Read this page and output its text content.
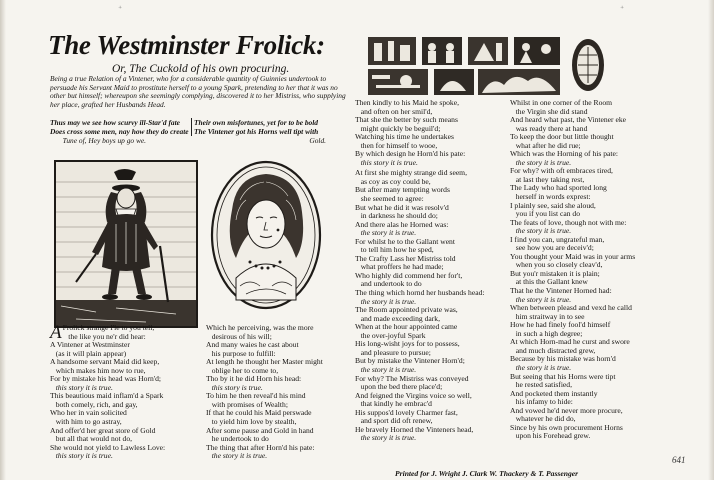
⁺	⁺
The Westminster Frolick:
Or, The Cuckold of his own procuring.
Being a true Relation of a Vintener, who for a considerable quantity of Guinnies undertook to persuade his Servant Maid to prostitute herself to a young Spark, pretending to her that it was no other but himself; whereupon she seemingly complying, discovered it to her Mistriss, who supplying her place, grafted her Husbands Head.
Thus may we see how scurvy ill-Star'd fate
Does cross some men, nay how they do create
Their own misfortunes, yet for to be bold
The Vintener got his Horns well tipt with
Tune of, Hey boys up go we.	Gold.
A Frolick strange I'le to you tell,
the like you ne'r did hear:
A Vintener at Westminster
(as it will plain appear)
A handsome servant Maid did keep,
which makes him now to rue,
For by mistake his head was Horn'd;
this story it is true.
This beautious maid inflam'd a Spark
both comely, rich, and gay,
Who her in vain solicited
with him to go astray,
And offer'd her great store of Gold
but all that would not do,
She would not yield to Lawless Love:
this story it is true.
Which he perceiving, was the more
desirous of his will;
And many waies he cast about
his purpose to fulfill:
At length he thought her Master might
oblige her to come to,
Tho by it he did Horn his head:
this story is true.
To him he then reveal'd his mind
with promises of Wealth;
If that he could his Maid perswade
to yield him love by stealth,
After some pause and Gold in hand
he undertook to do
The thing that after Horn'd his pate:
the story it is true.
Then kindly to his Maid he spoke,
and often on her smil'd,
That she the better by such means
might quickly be beguil'd;
Watching his time he undertakes
then for himself to wooe,
By which design he Horn'd his pate:
this story it is true.

At first she mighty strange did seem,
as coy as coy could be,
But after many tempting words
she seemed to agree:
But what he did it was resolv'd
in darkness he should do;
And there alas he Horned was:
the story it is true.
For whilst he to the Gallant went
to tell him how he sped,
The Crafty Lass her Mistriss told
what proffers he had made;
Who highly did commend her for't,
and undertook to do
The thing which hornd her husbands head:
the story it is true.
The Room appointed private was,
and made exceeding dark,
When at the hour appointed came
the over-joyful Spark
His long-wisht joys for to possess,
and pleasure to pursue;
But by mistake the Vintener Horn'd;
the story it is true.
For why? The Mistriss was conveyed
upon the bed there place'd;
And feigned the Virgins voice so well,
that kindly he embrac'd
His suppos'd lovely Charmer fast,
and sport did oft renew,
He bravely Horned the Vinteners head,
the story it is true.
Whilst in one corner of the Room
the Virgin she did stand
And heard what past, the Vintener eke
was ready there at hand
To keep the door but little thought
what after he did rue;
Which was the Horning of his pate:
the story it is true.
For why? with oft embraces tired,
at last they taking rest,
The Lady who had sported long
herself in words exprest:
I plainly see, said she aloud,
you if you list can do
The feats of love, though not with me:
the story it is true.
I find you can, ungrateful man,
see how you are deceiv'd;
You thought your Maid was in your arms
when you so closely cleav'd,
But you'r mistaken it is plain;
at this the Gallant knew
That he the Vintener Horned had:
the story it is true.
When between pleasd and vexd he calld
him straitway in to see
How he had finely fool'd himself
in such a high degree;
At which Horn-mad he curst and swore
and much distracted grew,
Because by his mistake was horn'd
the story it is true.
But seeing that his Horns were tipt
he rested satisfied,
And pocketed them instantly
his infamy to hide:
And vowed he'd never more procure,
whatever he did do,
Since by his own procurement Horns
upon his Forehead grew.
Printed for J. Wright J. Clark W. Thackery & T. Passenger
641
